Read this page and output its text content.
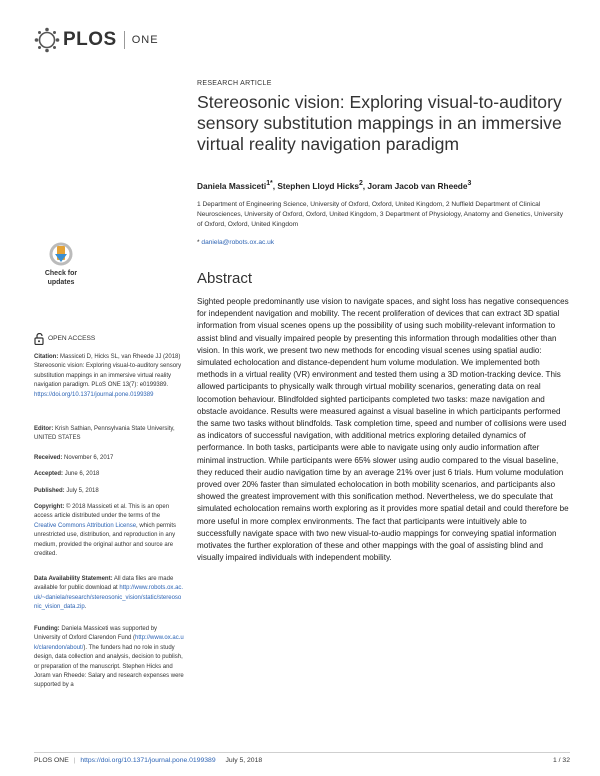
PLOS ONE
RESEARCH ARTICLE
Stereosonic vision: Exploring visual-to-auditory sensory substitution mappings in an immersive virtual reality navigation paradigm
Daniela Massiceti$^{1*}$, Stephen Lloyd Hicks$^2$, Joram Jacob van Rheede$^3$
1 Department of Engineering Science, University of Oxford, Oxford, United Kingdom, 2 Nuffield Department of Clinical Neurosciences, University of Oxford, Oxford, United Kingdom, 3 Department of Physiology, Anatomy and Genetics, University of Oxford, Oxford, United Kingdom
* daniela@robots.ox.ac.uk
Abstract

Sighted people predominantly use vision to navigate spaces, and sight loss has negative consequences for independent navigation and mobility. The recent proliferation of devices that can extract 3D spatial information from visual scenes opens up the possibility of using such mobility-relevant information to assist blind and visually impaired people by presenting this information through modalities other than vision. In this work, we present two new methods for encoding visual scenes using spatial audio: simulated echolocation and distance-dependent hum volume modulation. We implemented both methods in a virtual reality (VR) environment and tested them using a 3D motion-tracking device. This allowed participants to physically walk through virtual mobility scenarios, generating data on real locomotion behaviour. Blindfolded sighted participants completed two tasks: maze navigation and obstacle avoidance. Results were measured against a visual baseline in which participants performed the same two tasks without blindfolds. Task completion time, speed and number of collisions were used as indicators of successful navigation, with additional metrics exploring detailed dynamics of performance. In both tasks, participants were able to navigate using only audio information after minimal instruction. While participants were 65% slower using audio compared to the visual baseline, they reduced their audio navigation time by an average 21% over just 6 trials. Hum volume modulation proved over 20% faster than simulated echolocation in both mobility scenarios, and participants also showed the greatest improvement with this sonification method. Nevertheless, we do speculate that simulated echolocation remains worth exploring as it provides more spatial detail and could therefore be more useful in more complex environments. The fact that participants were intuitively able to successfully navigate space with two new visual-to-audio mappings for conveying spatial information motivates the further exploration of these and other mappings with the goal of assisting blind and visually impaired individuals with independent mobility.

Check for
updates
OPEN ACCESS
Citation: Massiceti D, Hicks SL, van Rheede JJ (2018) Stereosonic vision: Exploring visual-to-auditory sensory substitution mappings in an immersive virtual reality navigation paradigm. PLoS ONE 13(7): e0199389. https://doi.org/10.1371/journal.pone.0199389
Editor: Krish Sathian, Pennsylvania State University, UNITED STATES
Received: November 6, 2017
Accepted: June 6, 2018
Published: July 5, 2018
Copyright: © 2018 Massiceti et al. This is an open access article distributed under the terms of the Creative Commons Attribution License, which permits unrestricted use, distribution, and reproduction in any medium, provided the original author and source are credited.
Data Availability Statement: All data files are made available for public download at http://www.robots.ox.ac.uk/~daniela/research/stereosonic_vision/static/stereosonic_vision_data.zip.
Funding: Daniela Massiceti was supported by University of Oxford Clarendon Fund (http://www.ox.ac.uk/clarendon/about/). The funders had no role in study design, data collection and analysis, decision to publish, or preparation of the manuscript. Stephen Hicks and Joram van Rheede: Salary and research expenses were supported by a
PLOS ONE | https://doi.org/10.1371/journal.pone.0199389 July 5, 2018	1 / 32
